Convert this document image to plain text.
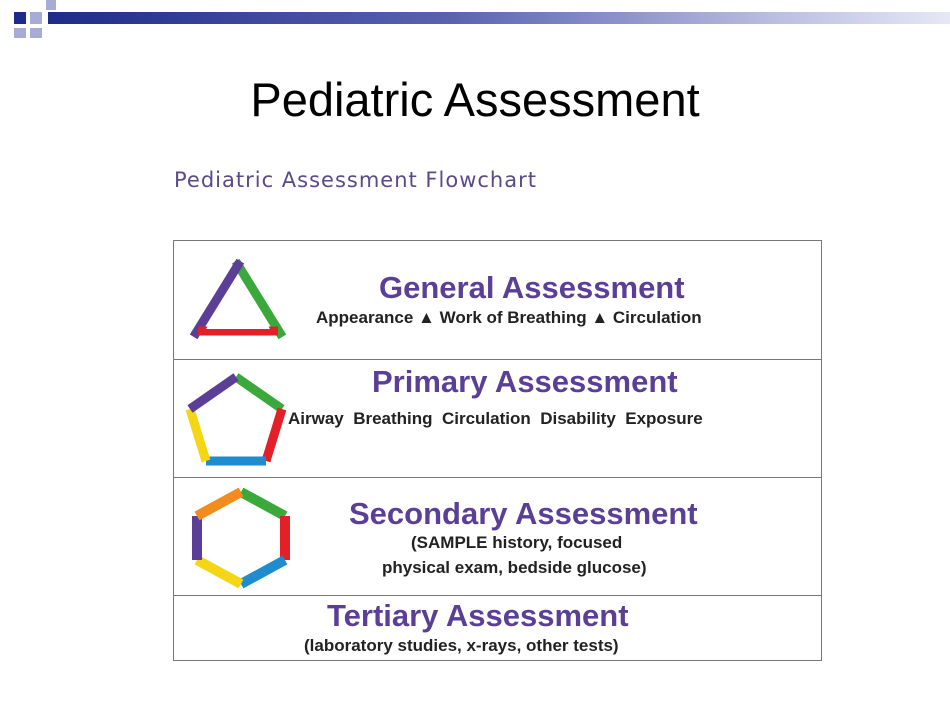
Pediatric Assessment
Pediatric Assessment Flowchart
General Assessment
Appearance ▲ Work of Breathing ▲ Circulation
Primary Assessment
Airway  Breathing  Circulation  Disability  Exposure
Secondary Assessment
(SAMPLE history, focused
physical exam, bedside glucose)
Tertiary Assessment
(laboratory studies, x-rays, other tests)
